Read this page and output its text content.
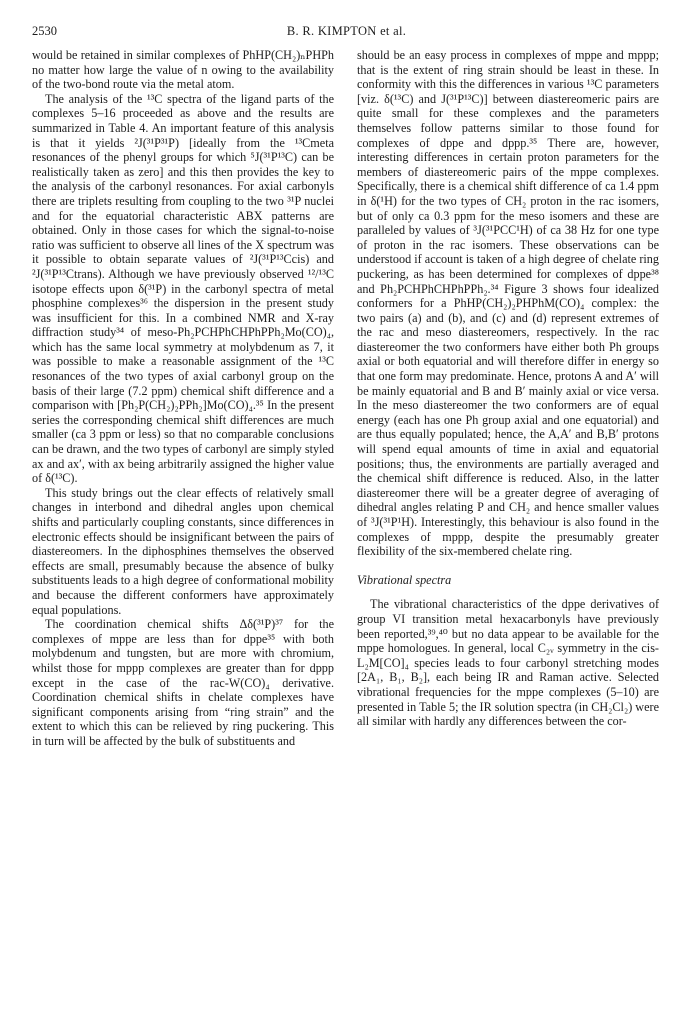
2530	B. R. KIMPTON et al.

would be retained in similar complexes of PhHP(CH₂)ₙPHPh no matter how large the value of n owing to the availability of the two-bond route via the metal atom.

The analysis of the ¹³C spectra of the ligand parts of the complexes 5–16 proceeded as above and the results are summarized in Table 4. An important feature of this analysis is that it yields ²J(³¹P³¹P) [ideally from the ¹³Cmeta resonances of the phenyl groups for which ⁵J(³¹P¹³C) can be realistically taken as zero] and this then provides the key to the analysis of the carbonyl resonances. For axial carbonyls there are triplets resulting from coupling to the two ³¹P nuclei and for the equatorial characteristic ABX patterns are obtained. Only in those cases for which the signal-to-noise ratio was sufficient to observe all lines of the X spectrum was it possible to obtain separate values of ²J(³¹P¹³Ccis) and ²J(³¹P¹³Ctrans). Although we have previously observed ¹²/¹³C isotope effects upon δ(³¹P) in the carbonyl spectra of metal phosphine complexes³⁶ the dispersion in the present study was insufficient for this. In a combined NMR and X-ray diffraction study³⁴ of meso-Ph₂PCHPhCHPhPPh₂Mo(CO)₄, which has the same local symmetry at molybdenum as 7, it was possible to make a reasonable assignment of the ¹³C resonances of the two types of axial carbonyl group on the basis of their large (7.2 ppm) chemical shift difference and a comparison with [Ph₂P(CH₂)₂PPh₂]Mo(CO)₄.³⁵ In the present series the corresponding chemical shift differences are much smaller (ca 3 ppm or less) so that no comparable conclusions can be drawn, and the two types of carbonyl are simply styled ax and ax′, with ax being arbitrarily assigned the higher value of δ(¹³C).

This study brings out the clear effects of relatively small changes in interbond and dihedral angles upon chemical shifts and particularly coupling constants, since differences in electronic effects should be insignificant between the pairs of diastereomers. In the diphosphines themselves the observed effects are small, presumably because the absence of bulky substituents leads to a high degree of conformational mobility and because the different conformers have approximately equal populations.

The coordination chemical shifts Δδ(³¹P)³⁷ for the complexes of mppe are less than for dppe³⁵ with both molybdenum and tungsten, but are more with chromium, whilst those for mppp complexes are greater than for dppp except in the case of the rac-W(CO)₄ derivative. Coordination chemical shifts in chelate complexes have significant components arising from “ring strain” and the extent to which this can be relieved by ring puckering. This in turn will be affected by the bulk of substituents and

should be an easy process in complexes of mppe and mppp; that is the extent of ring strain should be least in these. In conformity with this the differences in various ¹³C parameters [viz. δ(¹³C) and J(³¹P¹³C)] between diastereomeric pairs are quite small for these complexes and the parameters themselves follow patterns similar to those found for complexes of dppe and dppp.³⁵ There are, however, interesting differences in certain proton parameters for the members of diastereomeric pairs of the mppe complexes. Specifically, there is a chemical shift difference of ca 1.4 ppm in δ(¹H) for the two types of CH₂ proton in the rac isomers, but of only ca 0.3 ppm for the meso isomers and these are paralleled by values of ³J(³¹PCC¹H) of ca 38 Hz for one type of proton in the rac isomers. These observations can be understood if account is taken of a high degree of chelate ring puckering, as has been determined for complexes of dppe³⁸ and Ph₂PCHPhCHPhPPh₂.³⁴ Figure 3 shows four idealized conformers for a PhHP(CH₂)₂PHPhM(CO)₄ complex: the two pairs (a) and (b), and (c) and (d) represent extremes of the rac and meso diastereomers, respectively. In the rac diastereomer the two conformers have either both Ph groups axial or both equatorial and will therefore differ in energy so that one form may predominate. Hence, protons A and A′ will be mainly equatorial and B and B′ mainly axial or vice versa. In the meso diastereomer the two conformers are of equal energy (each has one Ph group axial and one equatorial) and are thus equally populated; hence, the A,A′ and B,B′ protons will spend equal amounts of time in axial and equatorial positions; thus, the environments are partially averaged and the chemical shift difference is reduced. Also, in the latter diastereomer there will be a greater degree of averaging of dihedral angles relating P and CH₂ and hence smaller values of ³J(³¹P¹H). Interestingly, this behaviour is also found in the complexes of mppp, despite the presumably greater flexibility of the six-membered chelate ring.

Vibrational spectra

The vibrational characteristics of the dppe derivatives of group VI transition metal hexacarbonyls have previously been reported,³⁹,⁴⁰ but no data appear to be available for the mppe homologues. In general, local C₂ᵥ symmetry in the cis-L₂M[CO]₄ species leads to four carbonyl stretching modes [2A₁, B₁, B₂], each being IR and Raman active. Selected vibrational frequencies for the mppe complexes (5–10) are presented in Table 5; the IR solution spectra (in CH₂Cl₂) were all similar with hardly any differences between the cor-
